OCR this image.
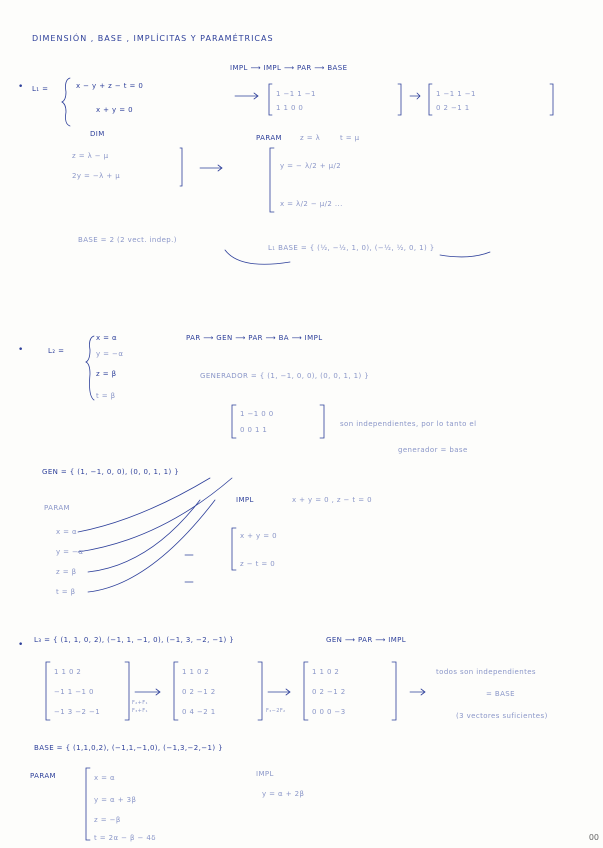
DIMENSIÓN , BASE , IMPLÍCITAS Y PARAMÉTRICAS
• L₁ =	x − y + z − t = 0
x + y = 0
IMPL ⟶ IMPL ⟶ PAR ⟶ BASE
1 −1 1 −1
1 1 0 0
1 −1 1 −1
0 2 −1 1
DIM
z = λ − μ
2y = −λ + μ
PARAM	z = λ	t = μ
y = − λ/2 + μ/2
x = λ/2 − μ/2 ...
BASE = 2 (2 vect. indep.)
L₁ BASE = { (½, −½, 1, 0), (−½, ½, 0, 1) }
•	L₂ =
x = α
y = −α
z = β
t = β
PAR ⟶ GEN ⟶ PAR ⟶ BA ⟶ IMPL
GENERADOR = { (1, −1, 0, 0), (0, 0, 1, 1) }
1 −1 0 0
0 0 1 1
son independientes, por lo tanto el
generador = base
GEN = { (1, −1, 0, 0), (0, 0, 1, 1) }
PARAM
x = α
y = −α
z = β
t = β
IMPL	x + y = 0 , z − t = 0
x + y = 0
z − t = 0
• L₃ = { (1, 1, 0, 2), (−1, 1, −1, 0), (−1, 3, −2, −1) }	GEN ⟶ PAR ⟶ IMPL
1 1 0 2
−1 1 −1 0
−1 3 −2 −1
F₂+F₁
F₃+F₁
1 1 0 2
0 2 −1 2
0 4 −2 1	F₃−2F₂
1 1 0 2
0 2 −1 2
0 0 0 −3
todos son independientes
= BASE
(3 vectores suficientes)
BASE = { (1,1,0,2), (−1,1,−1,0), (−1,3,−2,−1) }
PARAM	x = α
y = α + 3β
z = −β
t = 2α − β − 4δ
IMPL
y = α + 2β
00
